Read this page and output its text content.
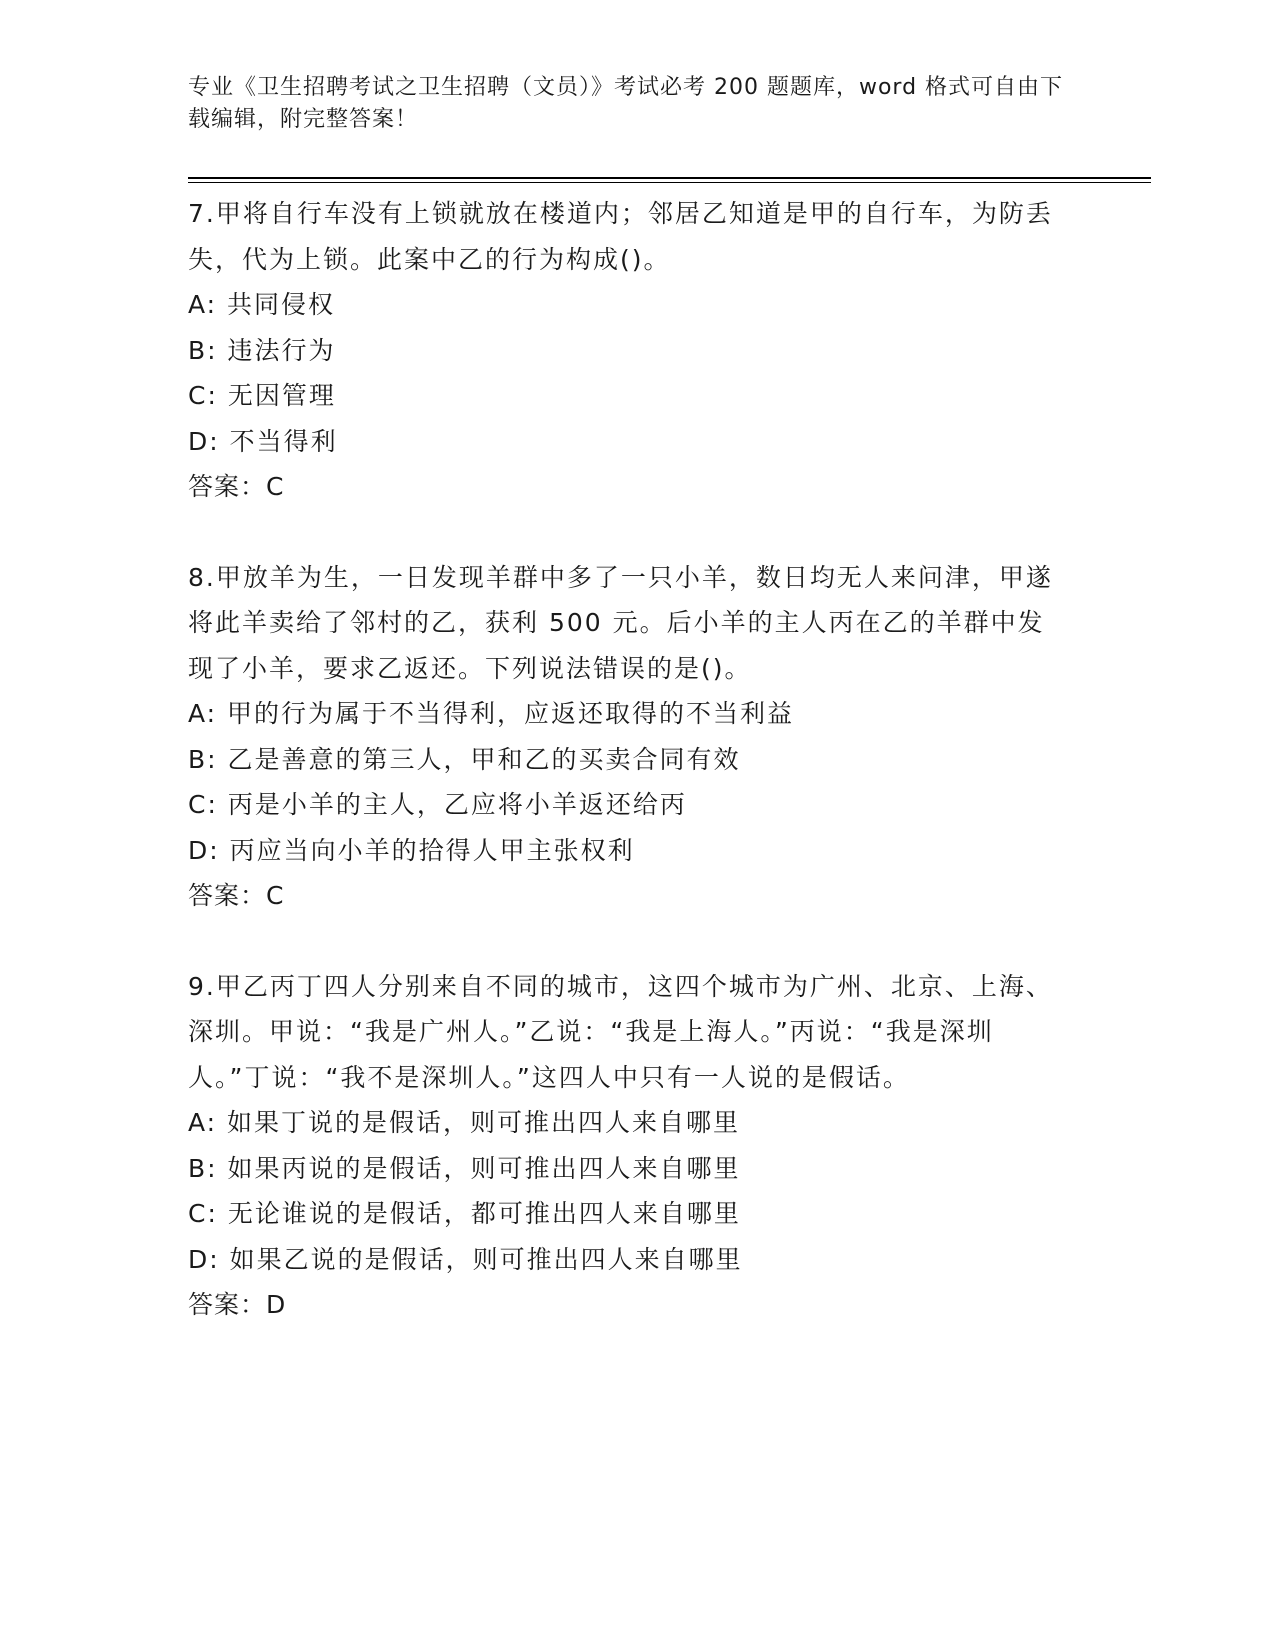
专业《卫生招聘考试之卫生招聘（文员）》考试必考 200 题题库，word 格式可自由下载编辑，附完整答案！

7.甲将自行车没有上锁就放在楼道内；邻居乙知道是甲的自行车，为防丢失，代为上锁。此案中乙的行为构成()。

A: 共同侵权

B: 违法行为

C: 无因管理

D: 不当得利

答案：C

8.甲放羊为生，一日发现羊群中多了一只小羊，数日均无人来问津，甲遂将此羊卖给了邻村的乙，获利 500 元。后小羊的主人丙在乙的羊群中发现了小羊，要求乙返还。下列说法错误的是()。

A: 甲的行为属于不当得利，应返还取得的不当利益

B: 乙是善意的第三人，甲和乙的买卖合同有效

C: 丙是小羊的主人，乙应将小羊返还给丙

D: 丙应当向小羊的拾得人甲主张权利

答案：C

9.甲乙丙丁四人分别来自不同的城市，这四个城市为广州、北京、上海、深圳。甲说：“我是广州人。”乙说：“我是上海人。”丙说：“我是深圳人。”丁说：“我不是深圳人。”这四人中只有一人说的是假话。

A: 如果丁说的是假话，则可推出四人来自哪里

B: 如果丙说的是假话，则可推出四人来自哪里

C: 无论谁说的是假话，都可推出四人来自哪里

D: 如果乙说的是假话，则可推出四人来自哪里

答案：D
